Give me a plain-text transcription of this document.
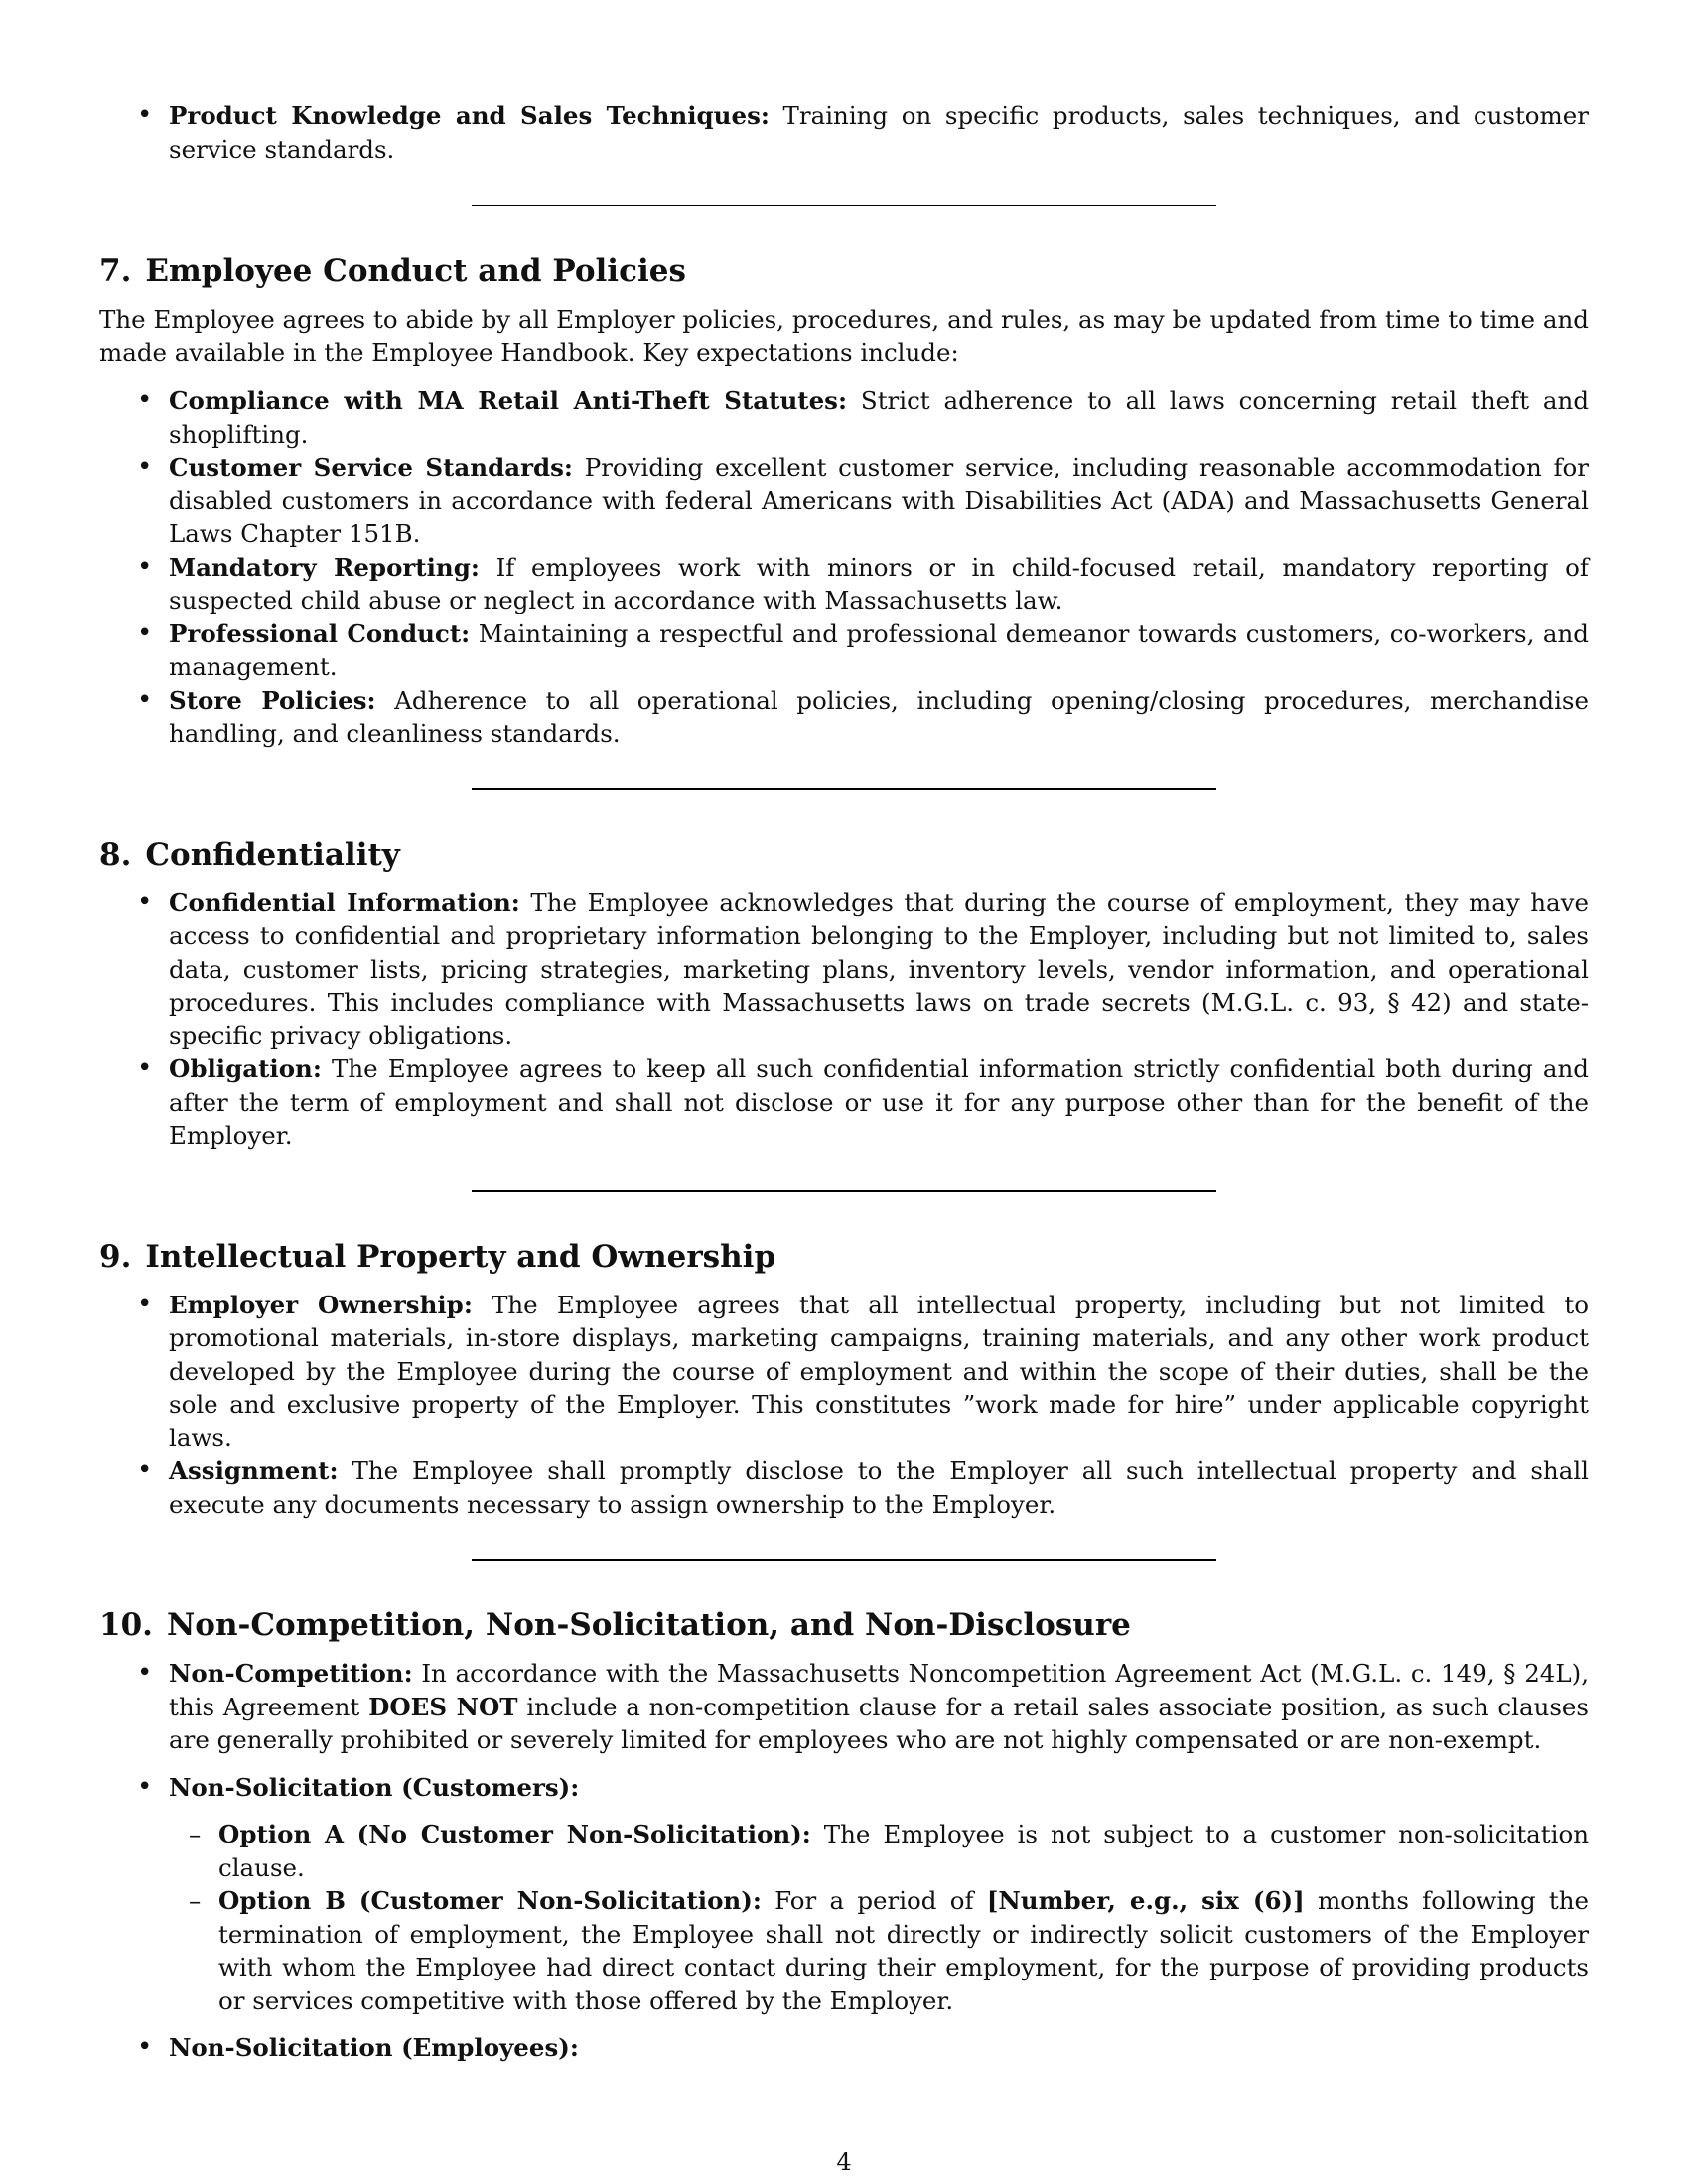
• Product Knowledge and Sales Techniques: Training on specific products, sales techniques, and customer service standards.
7. Employee Conduct and Policies

The Employee agrees to abide by all Employer policies, procedures, and rules, as may be updated from time to time and made available in the Employee Handbook. Key expectations include:

• Compliance with MA Retail Anti-Theft Statutes: Strict adherence to all laws concerning retail theft and shoplifting.
• Customer Service Standards: Providing excellent customer service, including reasonable accommodation for disabled customers in accordance with federal Americans with Disabilities Act (ADA) and Massachusetts General Laws Chapter 151B.
• Mandatory Reporting: If employees work with minors or in child-focused retail, mandatory reporting of suspected child abuse or neglect in accordance with Massachusetts law.
• Professional Conduct: Maintaining a respectful and professional demeanor towards customers, co-workers, and management.
• Store Policies: Adherence to all operational policies, including opening/closing procedures, merchandise handling, and cleanliness standards.
8. Confidentiality
• Confidential Information: The Employee acknowledges that during the course of employment, they may have access to confidential and proprietary information belonging to the Employer, including but not limited to, sales data, customer lists, pricing strategies, marketing plans, inventory levels, vendor information, and operational procedures. This includes compliance with Massachusetts laws on trade secrets (M.G.L. c. 93, § 42) and state-specific privacy obligations.
• Obligation: The Employee agrees to keep all such confidential information strictly confidential both during and after the term of employment and shall not disclose or use it for any purpose other than for the benefit of the Employer.
9. Intellectual Property and Ownership
• Employer Ownership: The Employee agrees that all intellectual property, including but not limited to promotional materials, in-store displays, marketing campaigns, training materials, and any other work product developed by the Employee during the course of employment and within the scope of their duties, shall be the sole and exclusive property of the Employer. This constitutes ”work made for hire” under applicable copyright laws.
• Assignment: The Employee shall promptly disclose to the Employer all such intellectual property and shall execute any documents necessary to assign ownership to the Employer.
10. Non-Competition, Non-Solicitation, and Non-Disclosure
• Non-Competition: In accordance with the Massachusetts Noncompetition Agreement Act (M.G.L. c. 149, § 24L), this Agreement DOES NOT include a non-competition clause for a retail sales associate position, as such clauses are generally prohibited or severely limited for employees who are not highly compensated or are non-exempt.
• Non-Solicitation (Customers):
– Option A (No Customer Non-Solicitation): The Employee is not subject to a customer non-solicitation clause.
– Option B (Customer Non-Solicitation): For a period of [Number, e.g., six (6)] months following the termination of employment, the Employee shall not directly or indirectly solicit customers of the Employer with whom the Employee had direct contact during their employment, for the purpose of providing products or services competitive with those offered by the Employer.
• Non-Solicitation (Employees):
4
